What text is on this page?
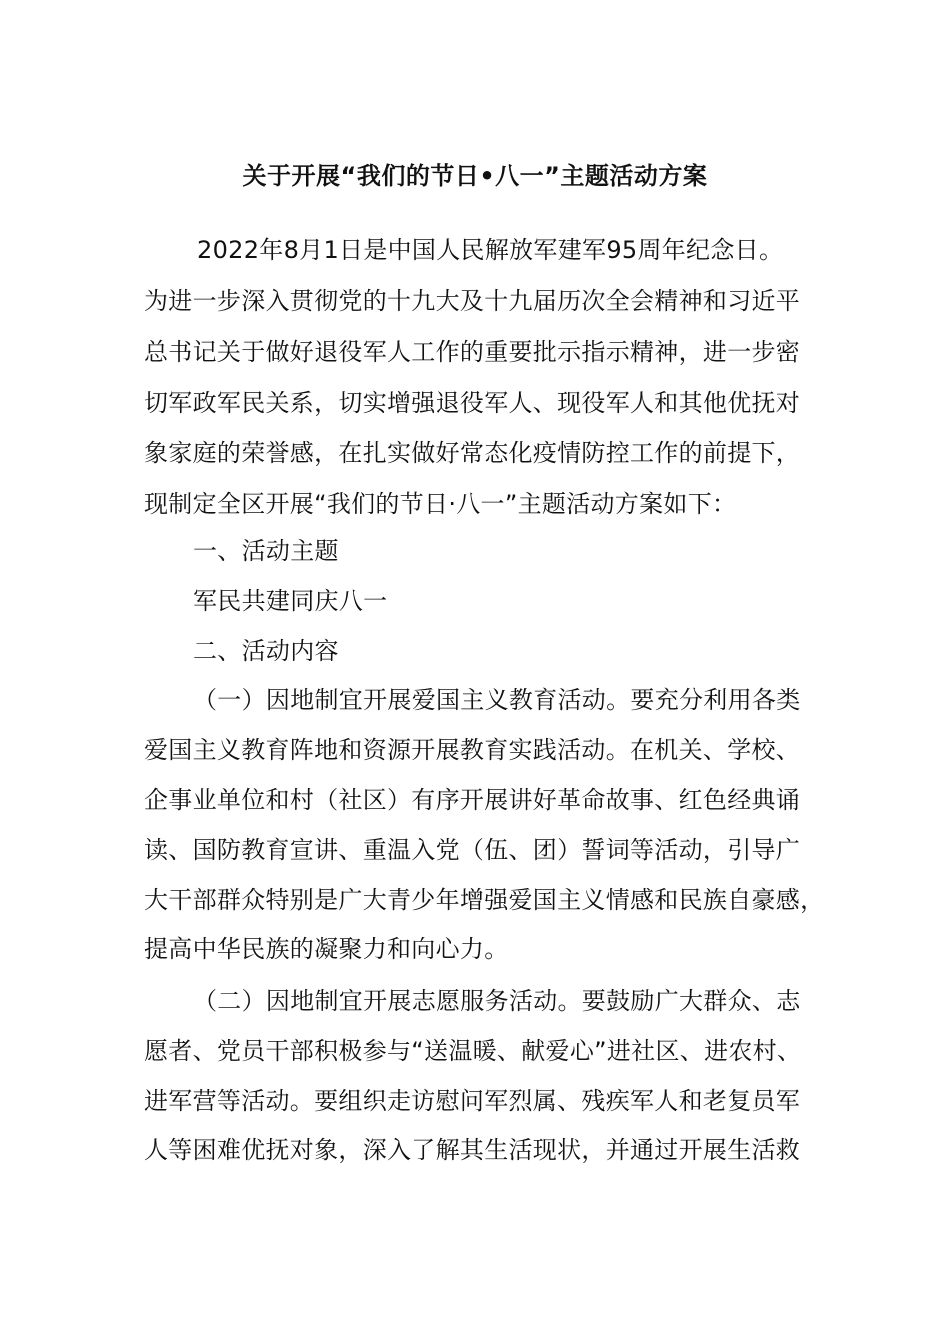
关于开展“我们的节日•八一”主题活动方案
2022年8月1日是中国人民解放军建军95周年纪念日。
为进一步深入贯彻党的十九大及十九届历次全会精神和习近平
总书记关于做好退役军人工作的重要批示指示精神，进一步密
切军政军民关系，切实增强退役军人、现役军人和其他优抚对
象家庭的荣誉感，在扎实做好常态化疫情防控工作的前提下，
现制定全区开展“我们的节日·八一”主题活动方案如下：
一、活动主题
军民共建同庆八一
二、活动内容
（一）因地制宜开展爱国主义教育活动。要充分利用各类
爱国主义教育阵地和资源开展教育实践活动。在机关、学校、
企事业单位和村（社区）有序开展讲好革命故事、红色经典诵
读、国防教育宣讲、重温入党（伍、团）誓词等活动，引导广
大干部群众特别是广大青少年增强爱国主义情感和民族自豪感，
提高中华民族的凝聚力和向心力。
（二）因地制宜开展志愿服务活动。要鼓励广大群众、志
愿者、党员干部积极参与“送温暖、献爱心”进社区、进农村、
进军营等活动。要组织走访慰问军烈属、残疾军人和老复员军
人等困难优抚对象，深入了解其生活现状，并通过开展生活救
